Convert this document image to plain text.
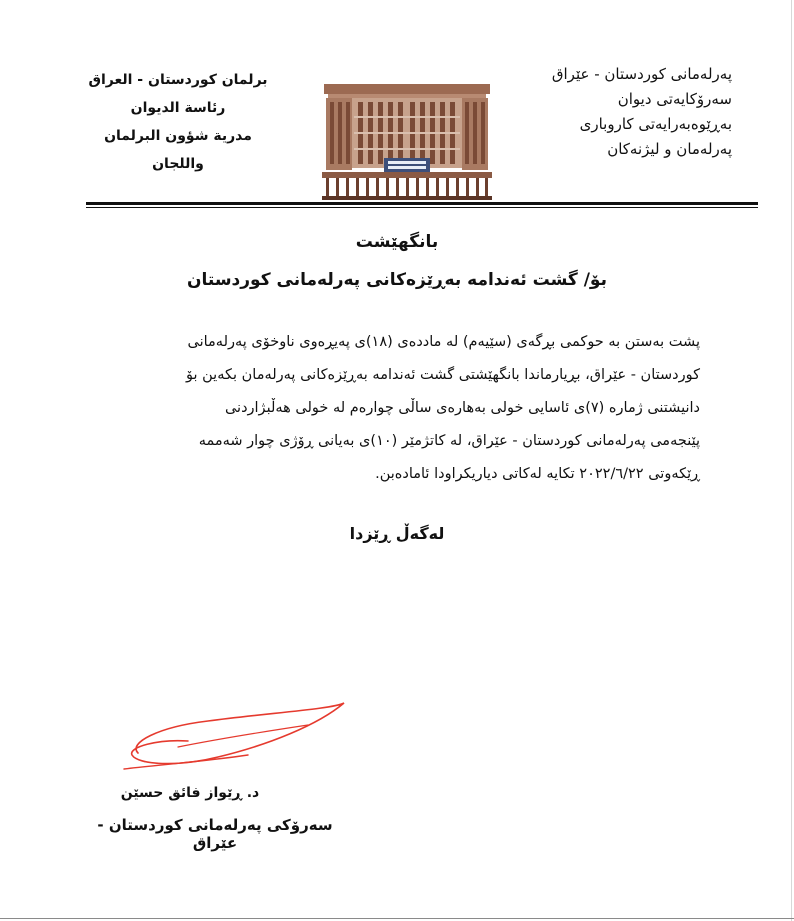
پەرلەمانی کوردستان - عێراق
سەرۆکایەتی دیوان
بەڕێوەبەرایەتی کاروباری
پەرلەمان و لیژنەکان
برلمان كوردستان - العراق
رئاسة الديوان
مدرية شؤون البرلمان واللجان
بانگهێشت
بۆ/ گشت ئەندامە بەڕێزەکانی پەرلەمانی کوردستان
پشت بەستن بە حوکمی بڕگەی (سێیەم) لە ماددەی (١٨)ی پەیڕەوی ناوخۆی پەرلەمانی
کوردستان - عێراق، بڕیارماندا بانگهێشتی گشت ئەندامە بەڕێزەکانی پەرلەمان بکەین بۆ
دانیشتنی ژمارە (٧)ی ئاسایی خولی بەهارەی ساڵی چوارەم لە خولی هەڵبژاردنی
پێنجەمی پەرلەمانی کوردستان - عێراق، لە کاتژمێر (١٠)ی بەیانی ڕۆژی چوار شەممە
ڕێکەوتی ٢٠٢٢/٦/٢٢ تکایە لەکاتی دیاریکراودا ئامادەبن.
لەگەڵ ڕێزدا
د. ڕێواز فائق حسێن
سەرۆکی پەرلەمانی کوردستان - عێراق
